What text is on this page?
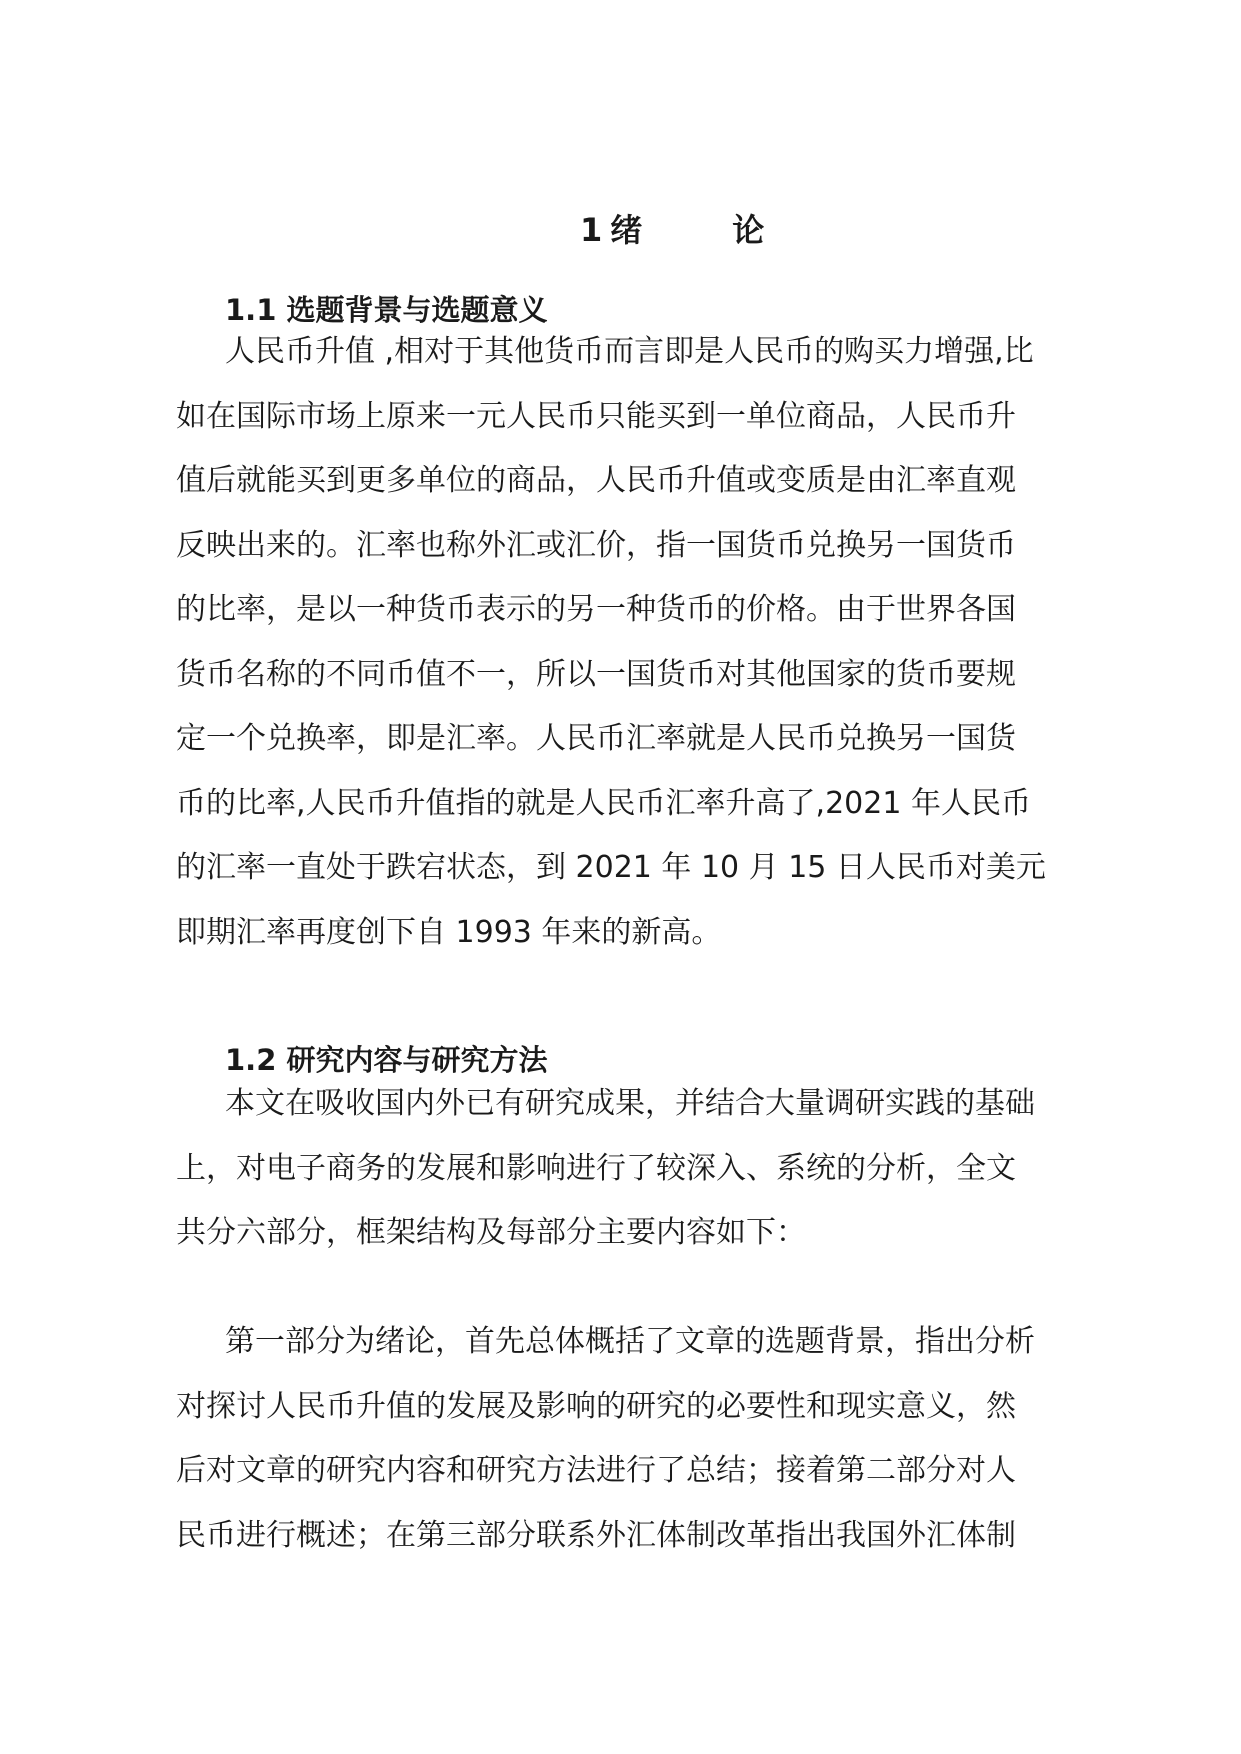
1 绪	论
1.1 选题背景与选题意义
人民币升值 ,相对于其他货币而言即是人民币的购买力增强,比
如在国际市场上原来一元人民币只能买到一单位商品，人民币升
值后就能买到更多单位的商品，人民币升值或变质是由汇率直观
反映出来的。汇率也称外汇或汇价，指一国货币兑换另一国货币
的比率，是以一种货币表示的另一种货币的价格。由于世界各国
货币名称的不同币值不一，所以一国货币对其他国家的货币要规
定一个兑换率，即是汇率。人民币汇率就是人民币兑换另一国货
币的比率,人民币升值指的就是人民币汇率升高了,2021 年人民币
的汇率一直处于跌宕状态，到 2021 年 10 月 15 日人民币对美元
即期汇率再度创下自 1993 年来的新高。
1.2 研究内容与研究方法
本文在吸收国内外已有研究成果，并结合大量调研实践的基础
上，对电子商务的发展和影响进行了较深入、系统的分析，全文
共分六部分，框架结构及每部分主要内容如下：
第一部分为绪论，首先总体概括了文章的选题背景，指出分析
对探讨人民币升值的发展及影响的研究的必要性和现实意义，然
后对文章的研究内容和研究方法进行了总结；接着第二部分对人
民币进行概述；在第三部分联系外汇体制改革指出我国外汇体制
